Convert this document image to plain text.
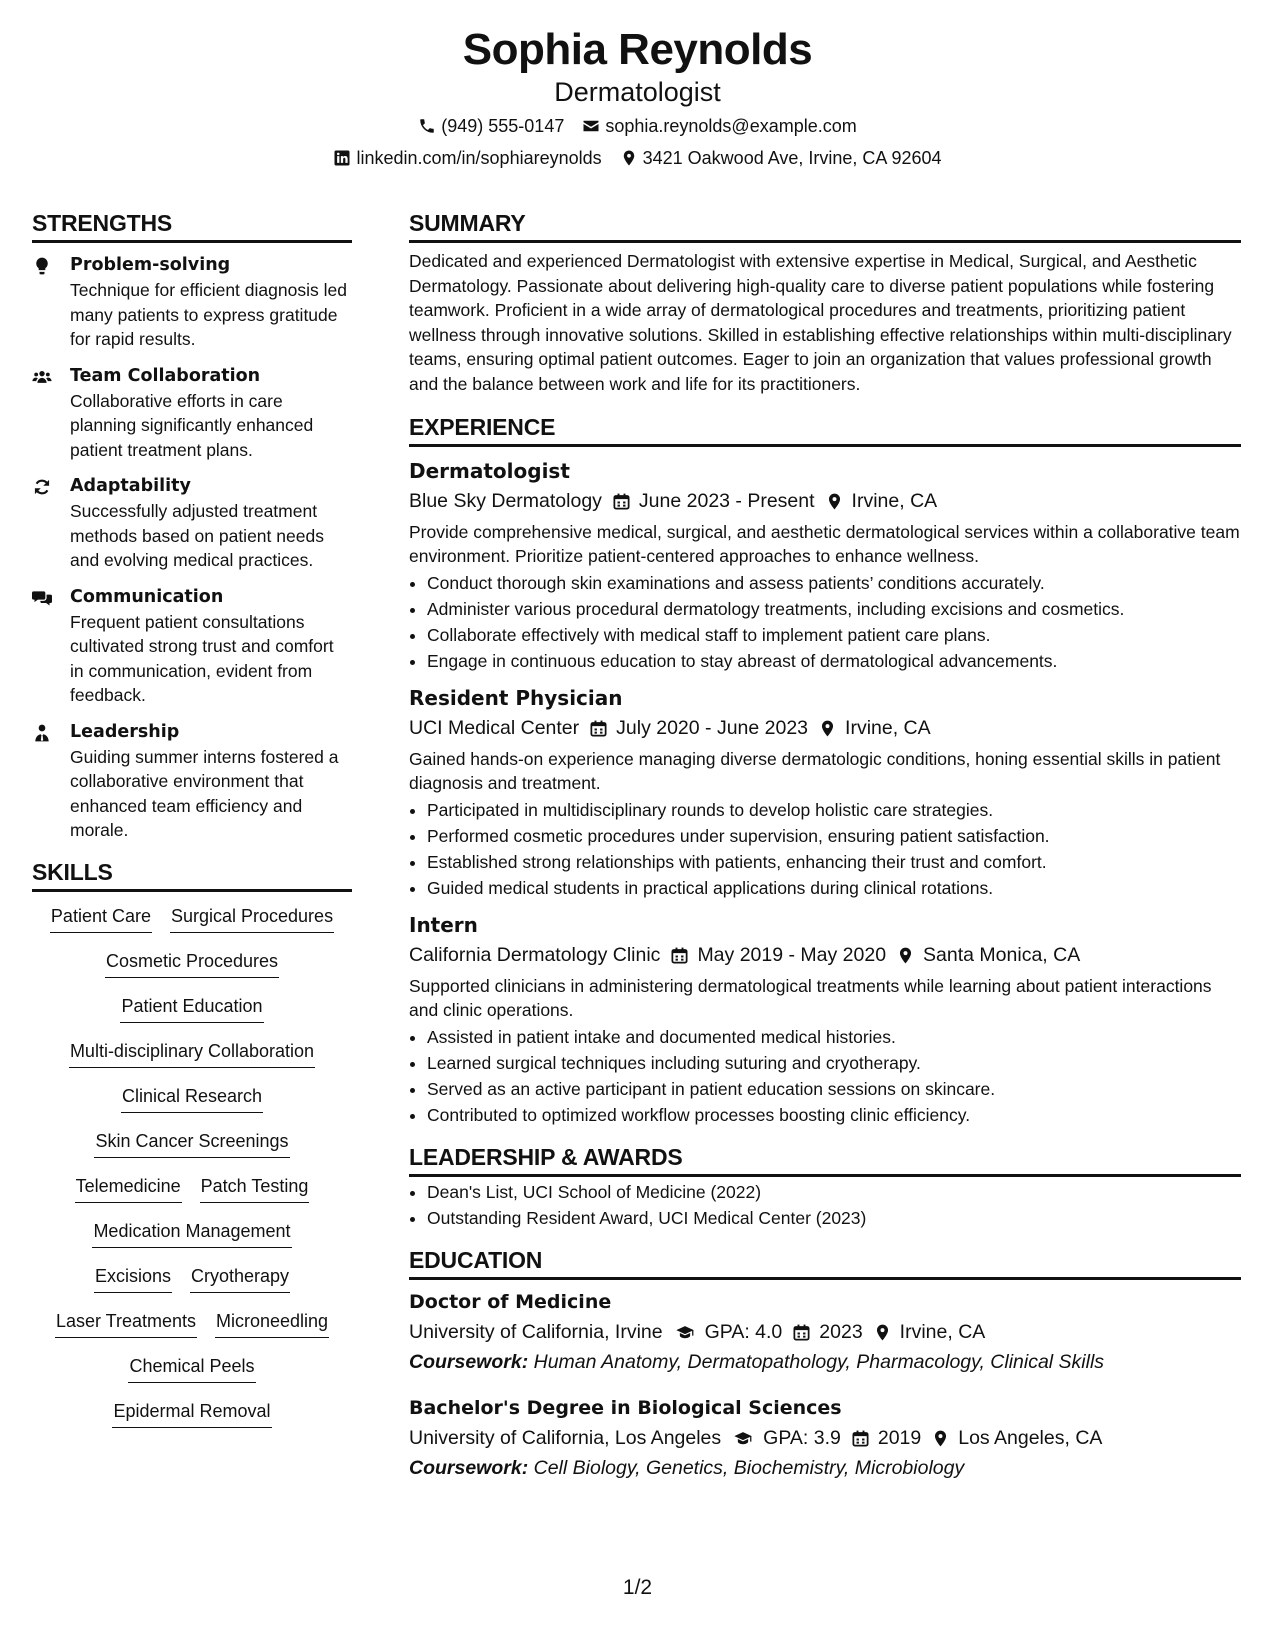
Sophia Reynolds
Dermatologist
(949) 555-0147 sophia.reynolds@example.com
linkedin.com/in/sophiareynolds 3421 Oakwood Ave, Irvine, CA 92604
STRENGTHS
Problem-solving
Technique for efficient diagnosis led many patients to express gratitude for rapid results.
Team Collaboration
Collaborative efforts in care planning significantly enhanced patient treatment plans.
Adaptability
Successfully adjusted treatment methods based on patient needs and evolving medical practices.
Communication
Frequent patient consultations cultivated strong trust and comfort in communication, evident from feedback.
Leadership
Guiding summer interns fostered a collaborative environment that enhanced team efficiency and morale.
SKILLS
Patient Care Surgical Procedures
Cosmetic Procedures
Patient Education
Multi-disciplinary Collaboration
Clinical Research
Skin Cancer Screenings
Telemedicine Patch Testing
Medication Management
Excisions Cryotherapy
Laser Treatments Microneedling
Chemical Peels
Epidermal Removal
SUMMARY
Dedicated and experienced Dermatologist with extensive expertise in Medical, Surgical, and Aesthetic Dermatology. Passionate about delivering high-quality care to diverse patient populations while fostering teamwork. Proficient in a wide array of dermatological procedures and treatments, prioritizing patient wellness through innovative solutions. Skilled in establishing effective relationships within multi-disciplinary teams, ensuring optimal patient outcomes. Eager to join an organization that values professional growth and the balance between work and life for its practitioners.
EXPERIENCE
Dermatologist
Blue Sky Dermatology June 2023 - Present Irvine, CA
Provide comprehensive medical, surgical, and aesthetic dermatological services within a collaborative team environment. Prioritize patient-centered approaches to enhance wellness.
• Conduct thorough skin examinations and assess patients’ conditions accurately.
• Administer various procedural dermatology treatments, including excisions and cosmetics.
• Collaborate effectively with medical staff to implement patient care plans.
• Engage in continuous education to stay abreast of dermatological advancements.
Resident Physician
UCI Medical Center July 2020 - June 2023 Irvine, CA
Gained hands-on experience managing diverse dermatologic conditions, honing essential skills in patient diagnosis and treatment.
• Participated in multidisciplinary rounds to develop holistic care strategies.
• Performed cosmetic procedures under supervision, ensuring patient satisfaction.
• Established strong relationships with patients, enhancing their trust and comfort.
• Guided medical students in practical applications during clinical rotations.
Intern
California Dermatology Clinic May 2019 - May 2020 Santa Monica, CA
Supported clinicians in administering dermatological treatments while learning about patient interactions and clinic operations.
• Assisted in patient intake and documented medical histories.
• Learned surgical techniques including suturing and cryotherapy.
• Served as an active participant in patient education sessions on skincare.
• Contributed to optimized workflow processes boosting clinic efficiency.
LEADERSHIP & AWARDS
• Dean's List, UCI School of Medicine (2022)
• Outstanding Resident Award, UCI Medical Center (2023)
EDUCATION
Doctor of Medicine
University of California, Irvine GPA: 4.0 2023 Irvine, CA
Coursework: Human Anatomy, Dermatopathology, Pharmacology, Clinical Skills
Bachelor's Degree in Biological Sciences
University of California, Los Angeles GPA: 3.9 2019 Los Angeles, CA
Coursework: Cell Biology, Genetics, Biochemistry, Microbiology
1/2
